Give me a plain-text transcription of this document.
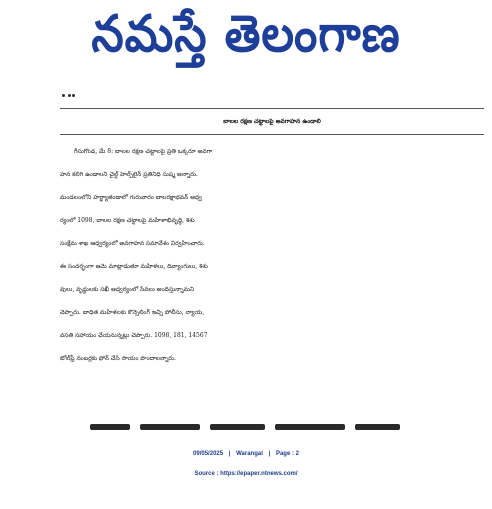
నమస్తే తెలంగాణ
బాలల రక్షణ చట్టాలపై అవగాహన ఉండాలి
గీసుగొండ, మే 8: బాలల రక్షణ చట్టాలపై ప్రతి ఒక్కరూ అవగా
హన కలిగి ఉండాలని చైల్డ్ హెల్ప్‌లైన్ ప్రతినిధి సుష్మ అన్నారు.
మండలంలోని హర్జ్యాతండాలో గురువారం బాలరక్షాభవన్ ఆధ్వ
ర్యంలో 1098, బాలల రక్షణ చట్టాలపై మహిళాభివృద్ధి, శిశు
సంక్షేమ శాఖ ఆధ్వర్యంలో అవగాహన సమావేశం నిర్వహించారు.
ఈ సందర్భంగా ఆమె మాట్లాడుతూ మహిళలు, దివ్యాంగులు, శిశు
వులు, వృద్ధులకు సఖీ ఆధ్వర్యంలో సేవలు అందిస్తున్నామని
చెప్పారు. బాధిత మహిళలకు కౌన్సెలింగ్ ఇచ్చి పోలీసు, న్యాయ,
వసతి సహాయం చేయనున్నట్లు చెప్పారు. 1098, 181, 14567
టోల్‌ఫ్రీ నంబర్లకు ఫోన్ చేసి సాయం పొందాలన్నారు.
09/05/2025 | Warangal | Page : 2
Source : https://epaper.ntnews.com/
